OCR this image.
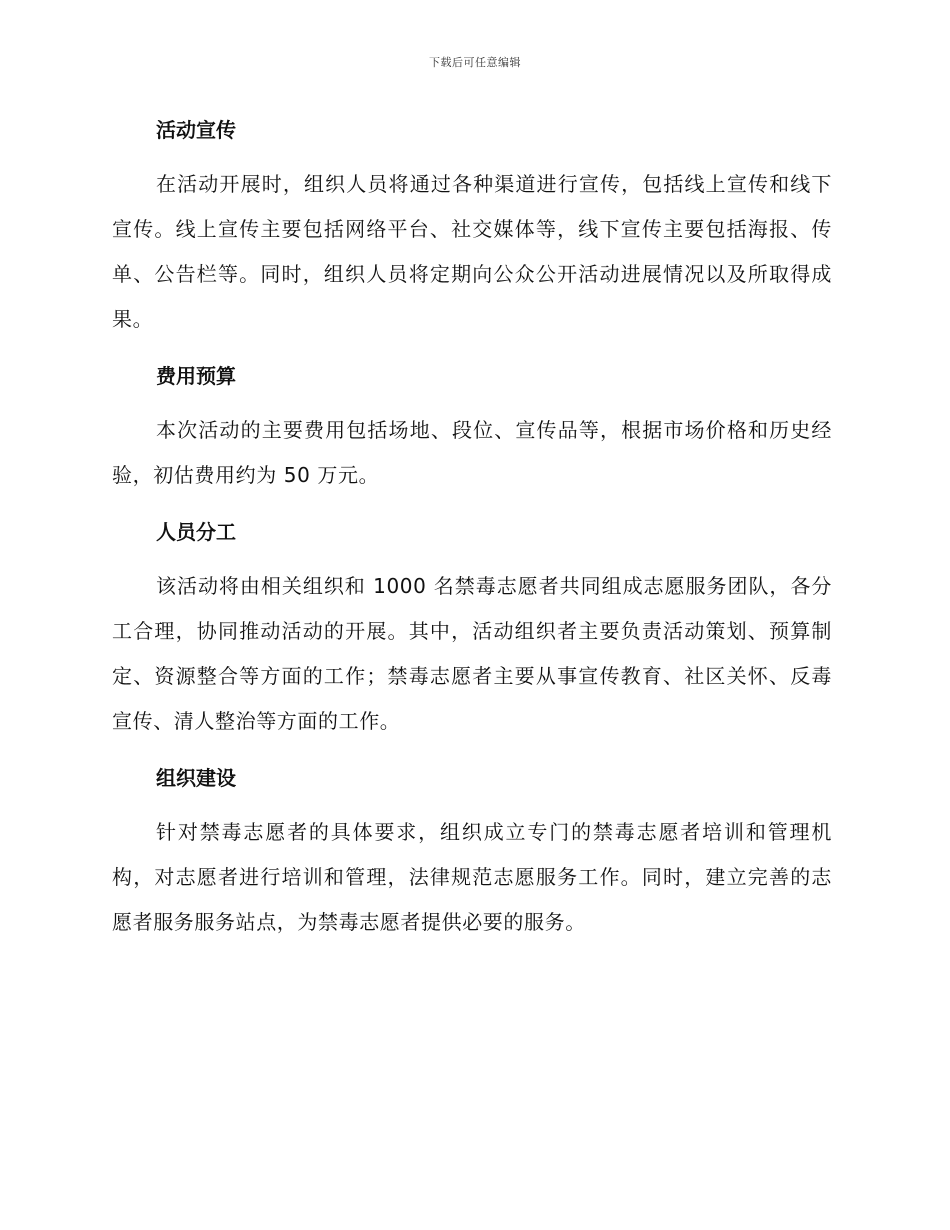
下载后可任意编辑
活动宣传

在活动开展时，组织人员将通过各种渠道进行宣传，包括线上宣传和线下宣传。线上宣传主要包括网络平台、社交媒体等，线下宣传主要包括海报、传单、公告栏等。同时，组织人员将定期向公众公开活动进展情况以及所取得成果。

费用预算

本次活动的主要费用包括场地、段位、宣传品等，根据市场价格和历史经验，初估费用约为 50 万元。

人员分工

该活动将由相关组织和 1000 名禁毒志愿者共同组成志愿服务团队，各分工合理，协同推动活动的开展。其中，活动组织者主要负责活动策划、预算制定、资源整合等方面的工作；禁毒志愿者主要从事宣传教育、社区关怀、反毒宣传、清人整治等方面的工作。

组织建设

针对禁毒志愿者的具体要求，组织成立专门的禁毒志愿者培训和管理机构，对志愿者进行培训和管理，法律规范志愿服务工作。同时，建立完善的志愿者服务服务站点，为禁毒志愿者提供必要的服务。
